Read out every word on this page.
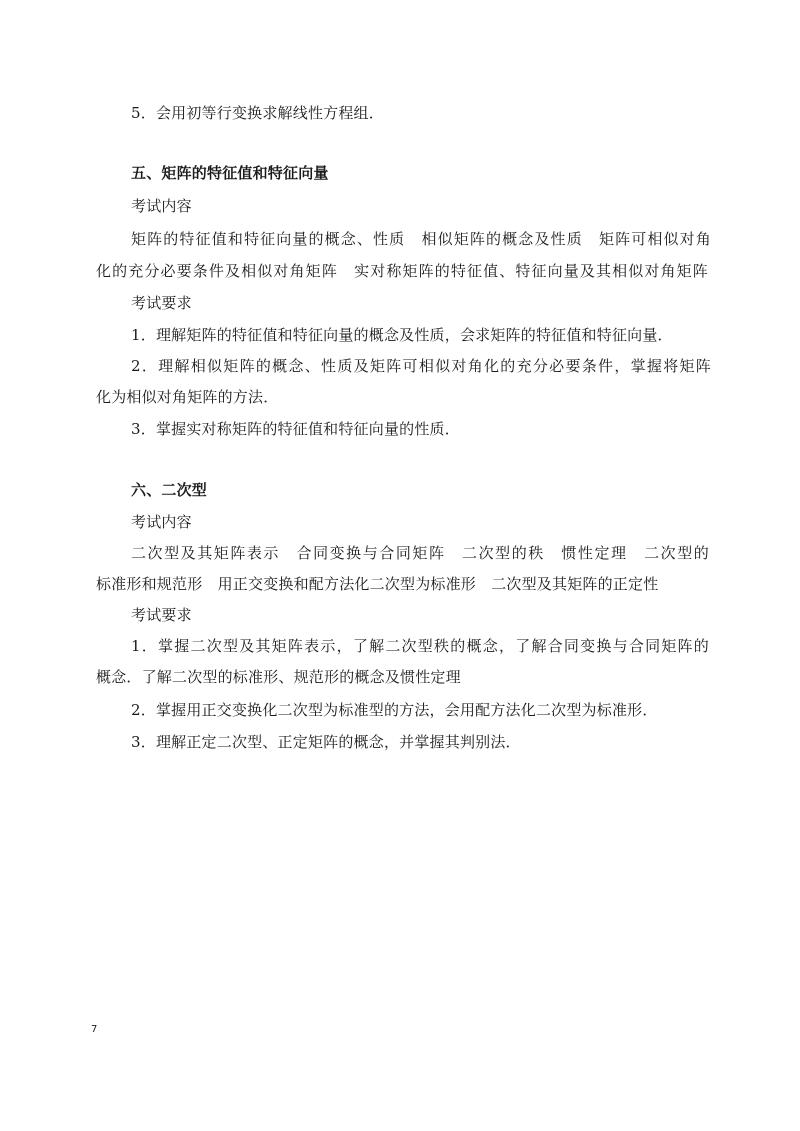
5．会用初等行变换求解线性方程组．
五、矩阵的特征值和特征向量
考试内容
矩阵的特征值和特征向量的概念、性质　相似矩阵的概念及性质　矩阵可相似对角
化的充分必要条件及相似对角矩阵　实对称矩阵的特征值、特征向量及其相似对角矩阵
考试要求
1．理解矩阵的特征值和特征向量的概念及性质，会求矩阵的特征值和特征向量．
2．理解相似矩阵的概念、性质及矩阵可相似对角化的充分必要条件，掌握将矩阵
化为相似对角矩阵的方法．
3．掌握实对称矩阵的特征值和特征向量的性质．
六、二次型
考试内容
二次型及其矩阵表示　合同变换与合同矩阵　二次型的秩　惯性定理　二次型的
标准形和规范形　用正交变换和配方法化二次型为标准形　二次型及其矩阵的正定性
考试要求
1．掌握二次型及其矩阵表示，了解二次型秩的概念，了解合同变换与合同矩阵的
概念．了解二次型的标准形、规范形的概念及惯性定理
2．掌握用正交变换化二次型为标准型的方法，会用配方法化二次型为标准形．
3．理解正定二次型、正定矩阵的概念，并掌握其判别法．
7
